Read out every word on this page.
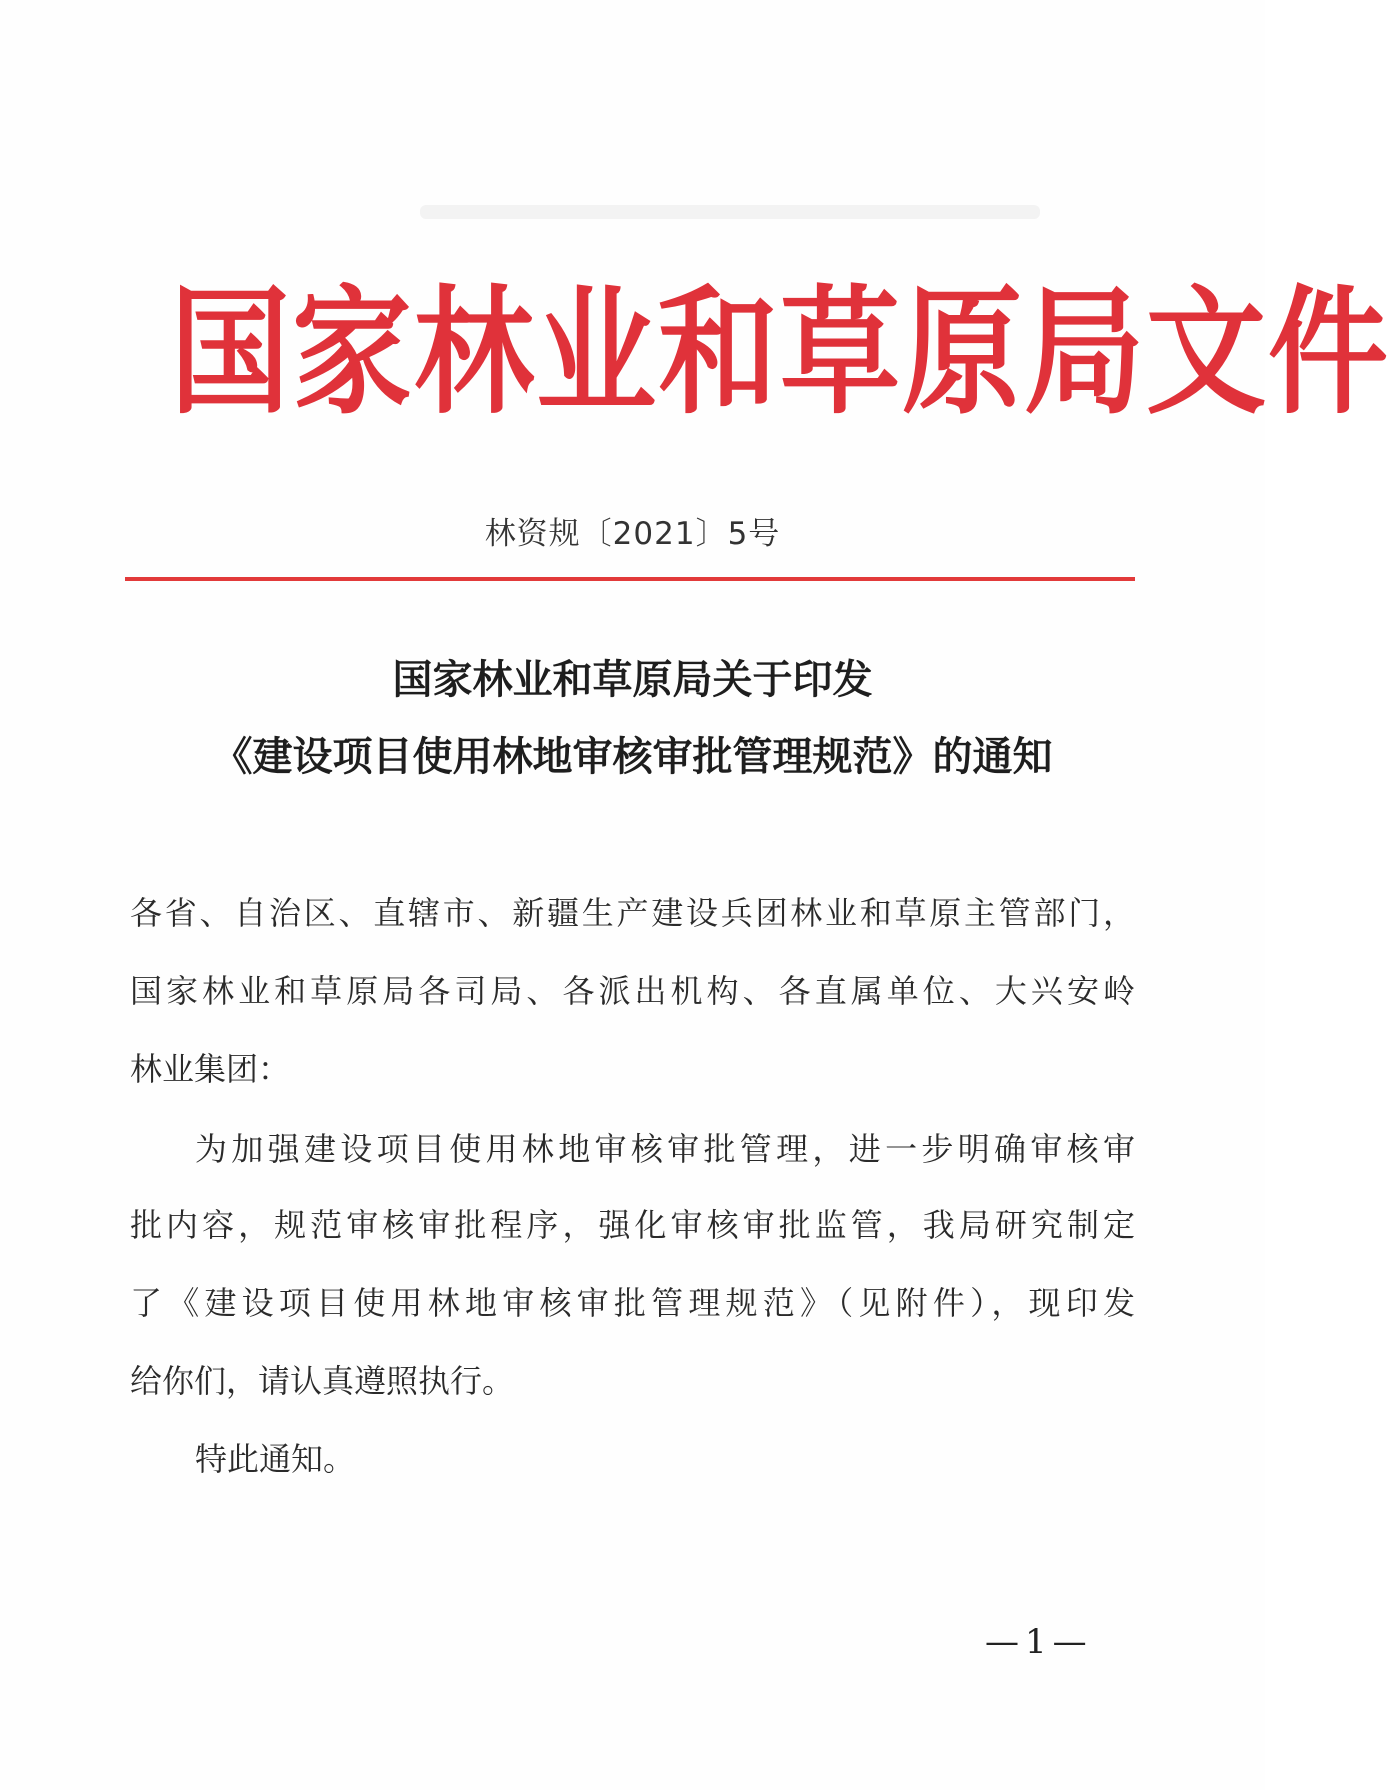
国家林业和草原局文件
林资规〔2021〕5号
国家林业和草原局关于印发
《建设项目使用林地审核审批管理规范》的通知
各省、自治区、直辖市、新疆生产建设兵团林业和草原主管部门，
国家林业和草原局各司局、各派出机构、各直属单位、大兴安岭
林业集团：
为加强建设项目使用林地审核审批管理，进一步明确审核审
批内容，规范审核审批程序，强化审核审批监管，我局研究制定
了《建设项目使用林地审核审批管理规范》（见附件），现印发
给你们，请认真遵照执行。
特此通知。
—1—
